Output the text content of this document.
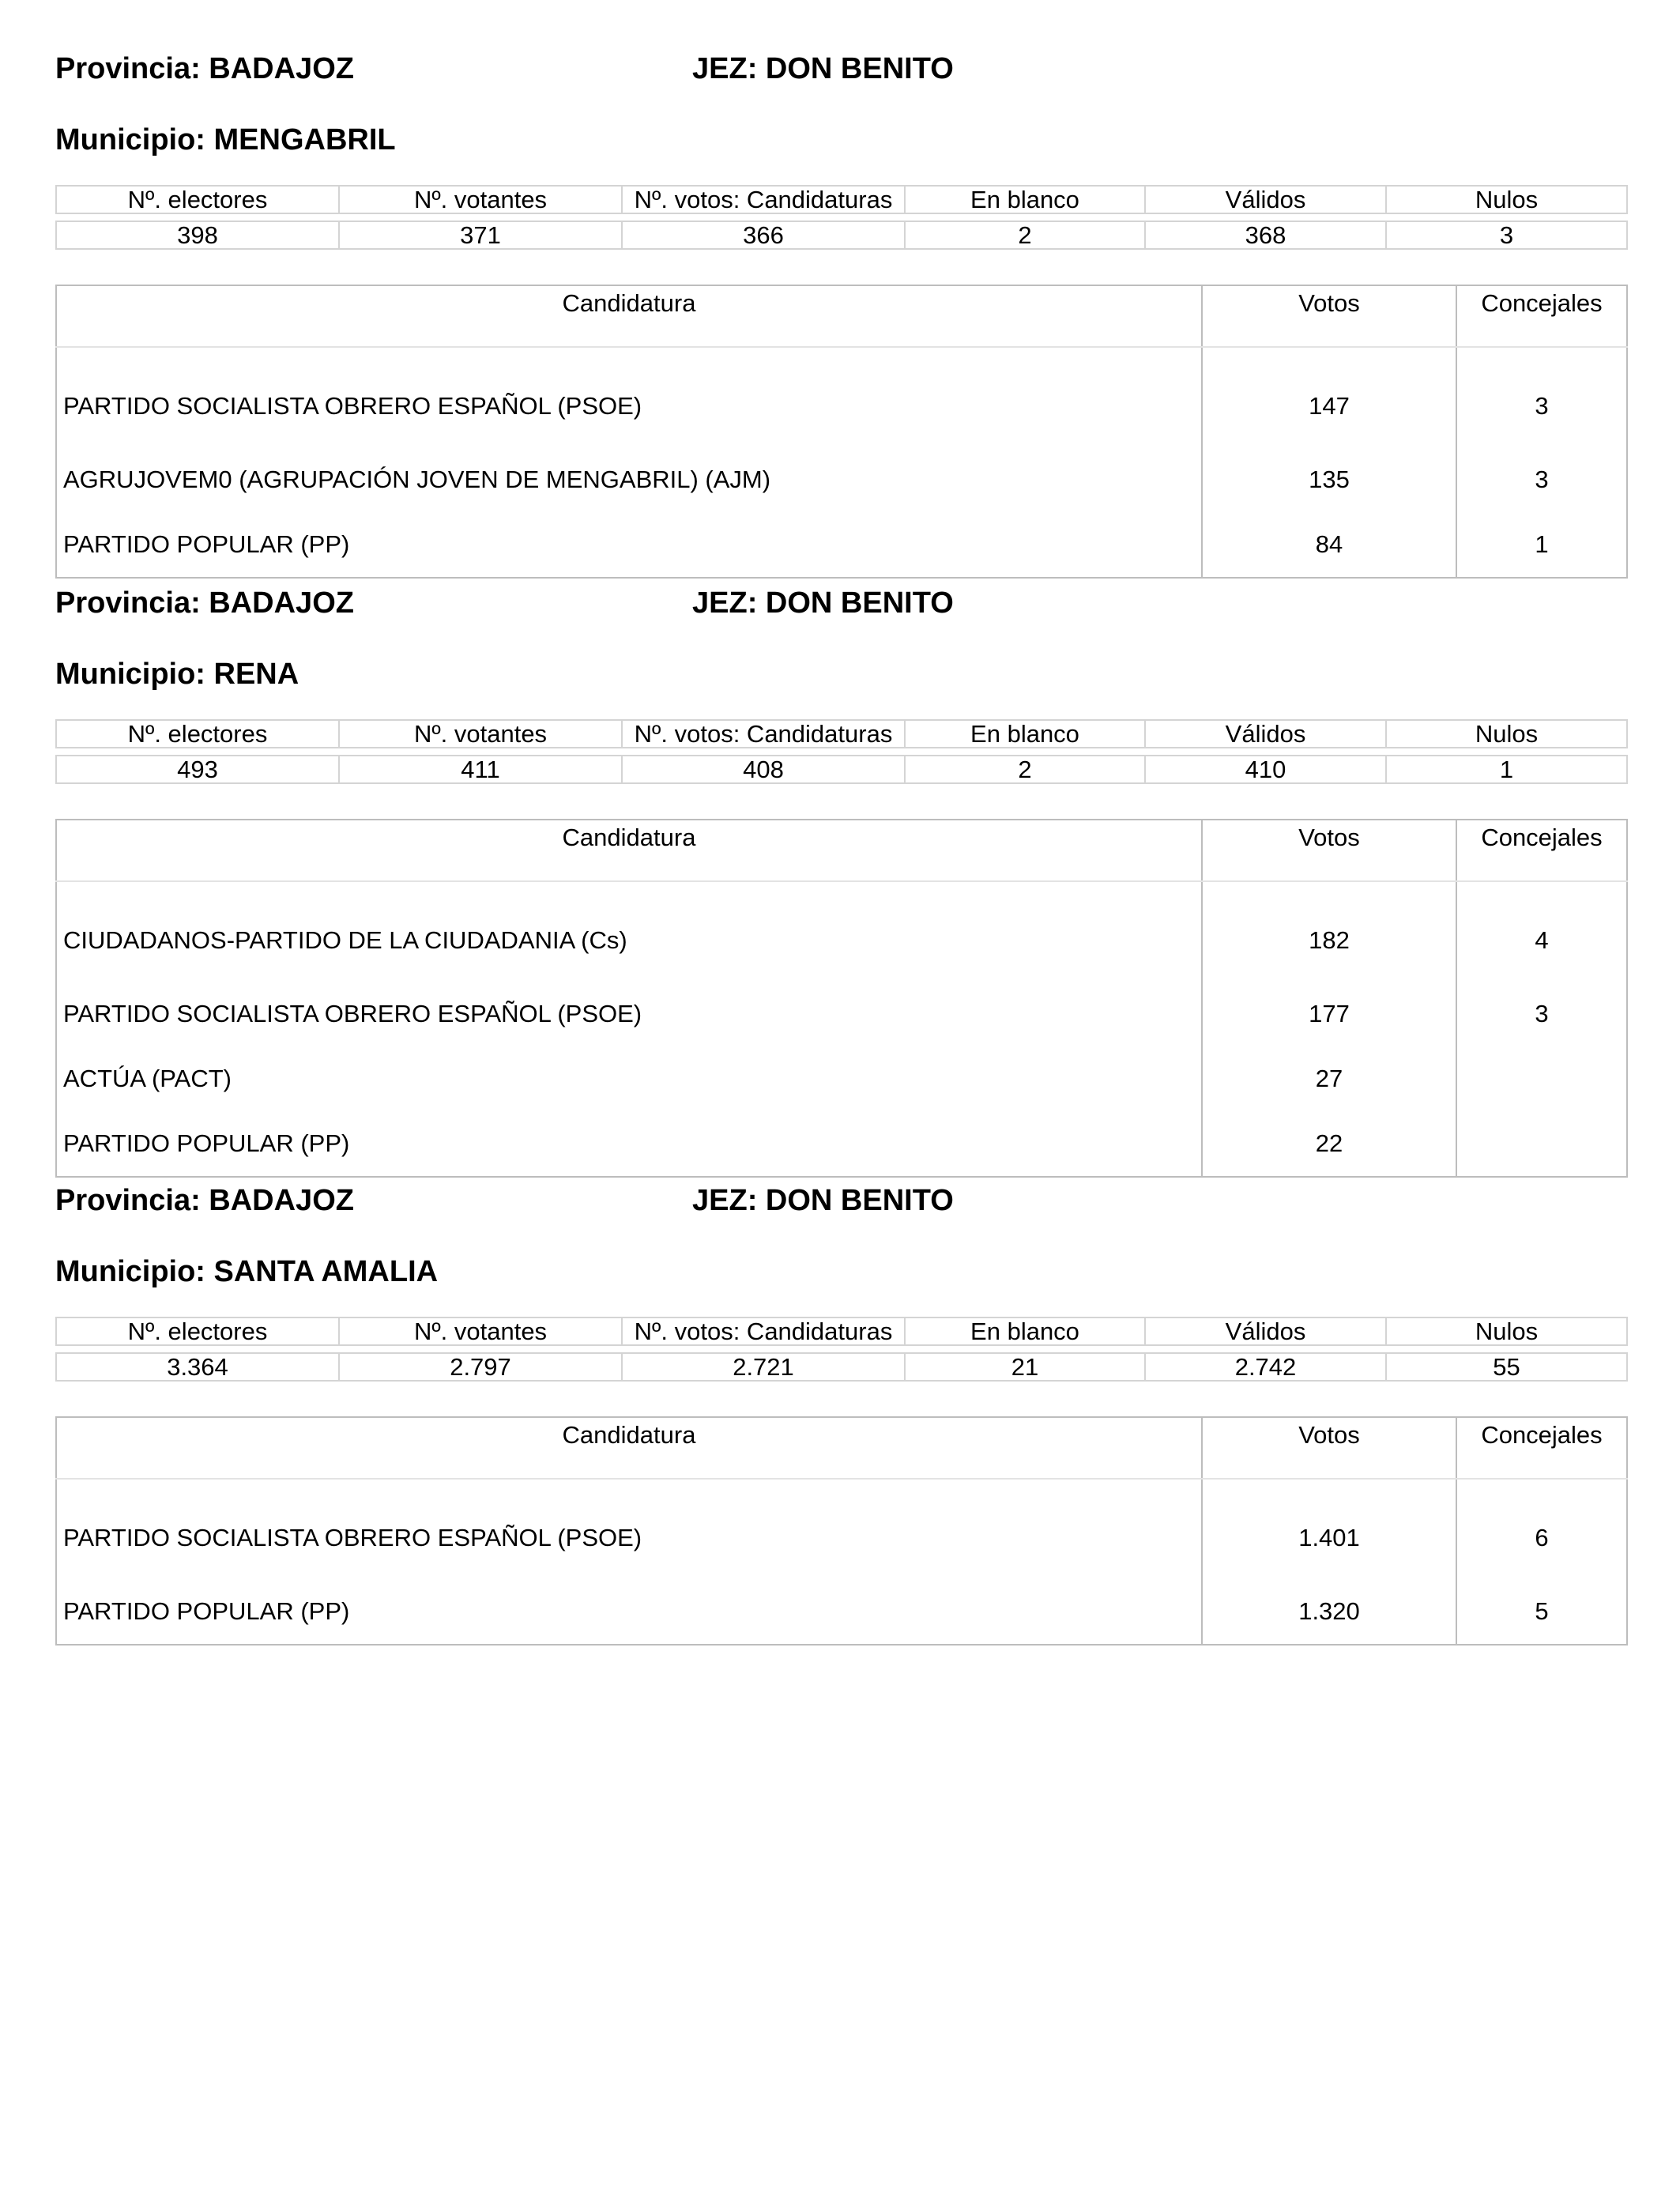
Provincia: BADAJOZ	JEZ: DON BENITO
Municipio: MENGABRIL
Nº. electores	Nº. votantes	Nº. votos: Candidaturas	En blanco	Válidos	Nulos

398	371	366	2	368	3
Candidatura	Votos	Concejales
PARTIDO SOCIALISTA OBRERO ESPAÑOL (PSOE)	147	3
AGRUJOVEM0 (AGRUPACIÓN JOVEN DE MENGABRIL) (AJM)	135	3
PARTIDO POPULAR (PP)	84	1
Provincia: BADAJOZ	JEZ: DON BENITO
Municipio: RENA
Nº. electores	Nº. votantes	Nº. votos: Candidaturas	En blanco	Válidos	Nulos

493	411	408	2	410	1
Candidatura	Votos	Concejales
CIUDADANOS-PARTIDO DE LA CIUDADANIA (Cs)	182	4
PARTIDO SOCIALISTA OBRERO ESPAÑOL (PSOE)	177	3
ACTÚA (PACT)	27	
PARTIDO POPULAR (PP)	22	
Provincia: BADAJOZ	JEZ: DON BENITO
Municipio: SANTA AMALIA
Nº. electores	Nº. votantes	Nº. votos: Candidaturas	En blanco	Válidos	Nulos

3.364	2.797	2.721	21	2.742	55
Candidatura	Votos	Concejales
PARTIDO SOCIALISTA OBRERO ESPAÑOL (PSOE)	1.401	6
PARTIDO POPULAR (PP)	1.320	5
